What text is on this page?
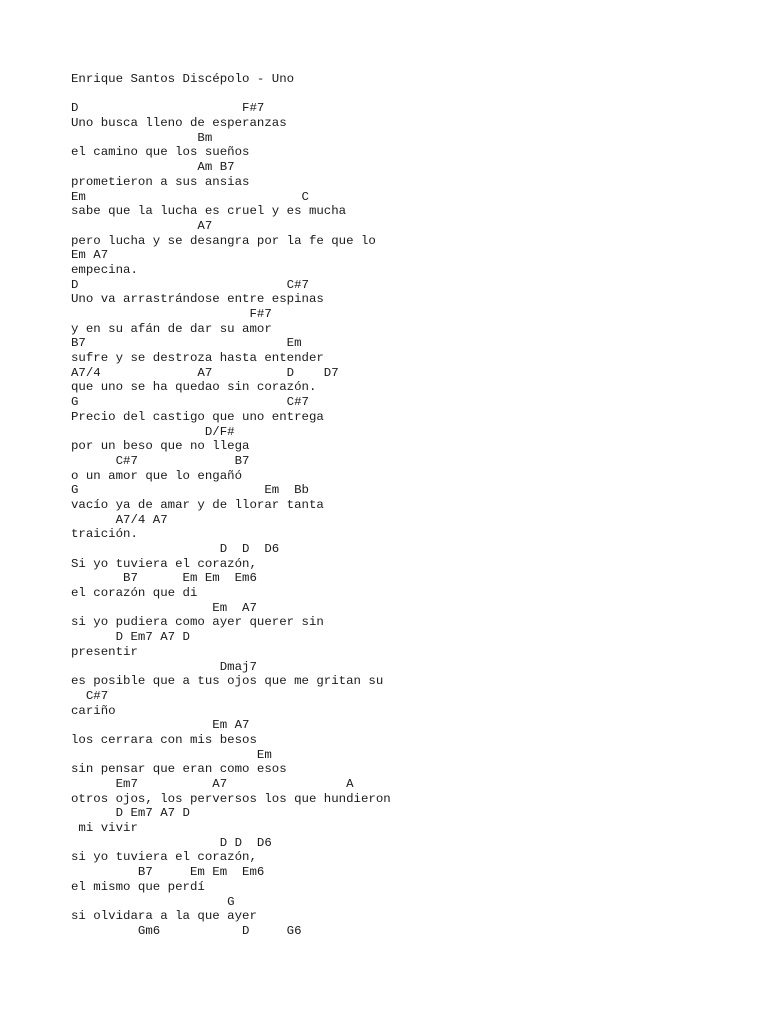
Enrique Santos Discépolo - Uno
D                      F#7
Uno busca lleno de esperanzas
Bm
el camino que los sueños
Am B7
prometieron a sus ansias
Em                             C
sabe que la lucha es cruel y es mucha
A7
pero lucha y se desangra por la fe que lo
Em A7
empecina.
D                            C#7
Uno va arrastrándose entre espinas
F#7
y en su afán de dar su amor
B7                           Em
sufre y se destroza hasta entender
A7/4             A7          D    D7
que uno se ha quedao sin corazón.
G                            C#7
Precio del castigo que uno entrega
D/F#
por un beso que no llega
C#7             B7
o un amor que lo engañó
G                         Em  Bb
vacío ya de amar y de llorar tanta
A7/4 A7
traición.
D  D  D6
Si yo tuviera el corazón,
B7      Em Em  Em6
el corazón que di
Em  A7
si yo pudiera como ayer querer sin
D Em7 A7 D
presentir
Dmaj7
es posible que a tus ojos que me gritan su
C#7
cariño
Em A7
los cerrara con mis besos
Em
sin pensar que eran como esos
Em7          A7                A
otros ojos, los perversos los que hundieron
D Em7 A7 D
mi vivir
D D  D6
si yo tuviera el corazón,
B7     Em Em  Em6
el mismo que perdí
G
si olvidara a la que ayer
Gm6           D     G6
